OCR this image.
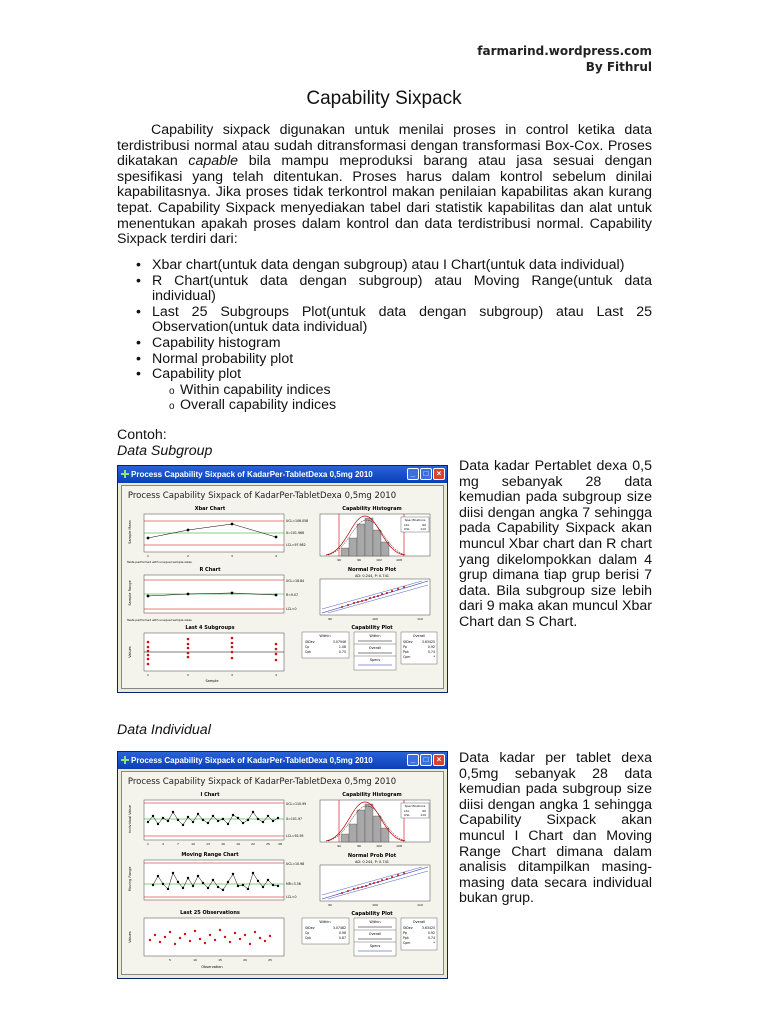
farmarind.wordpress.com
By Fithrul
Capability Sixpack
Capability sixpack digunakan untuk menilai proses in control ketika data terdistribusi normal atau sudah ditransformasi dengan transformasi Box-Cox. Proses dikatakan capable bila mampu meproduksi barang atau jasa sesuai dengan spesifikasi yang telah ditentukan. Proses harus dalam kontrol sebelum dinilai kapabilitasnya. Jika proses tidak terkontrol makan penilaian kapabilitas akan kurang tepat. Capability Sixpack menyediakan tabel dari statistik kapabilitas dan alat untuk menentukan apakah proses dalam kontrol dan data terdistribusi normal. Capability Sixpack terdiri dari:
• Xbar chart(untuk data dengan subgroup) atau I Chart(untuk data individual)
• R Chart(untuk data dengan subgroup) atau Moving Range(untuk data individual)
• Last 25 Subgroups Plot(untuk data dengan subgroup) atau Last 25 Observation(untuk data individual)
• Capability histogram
• Normal probability plot
• Capability plot
o Within capability indices
o Overall capability indices
Contoh:
Data Subgroup
Data kadar Pertablet dexa 0,5 mg sebanyak 28 data kemudian pada subgroup size diisi dengan angka 7 sehingga pada Capability Sixpack akan muncul Xbar chart dan R chart yang dikelompokkan dalam 4 grup dimana tiap grup berisi 7 data. Bila subgroup size lebih dari 9 maka akan muncul Xbar Chart dan S Chart.
Data Individual
Data kadar per tablet dexa 0,5mg sebanyak 28 data kemudian pada subgroup size diisi dengan angka 1 sehingga Capability Sixpack akan muncul I Chart dan Moving Range Chart dimana dalam analisis ditampilkan masing-masing data secara individual bukan grup.
Process Capability Sixpack of KadarPer-TabletDexa 0,5mg 2010	_	□	×
Process Capability Sixpack of KadarPer-TabletDexa 0,5mg 2010
Xbar Chart
Sample Mean	UCL=106.058
X=101.966
LCL=97.982
1	2	3	4
Tests performed with unequal sample sizes
R Chart
Sample Range	UCL=18.84
R=9.07
LCL=0
Tests performed with unequal sample sizes
Last 4 Subgroups
Values
1	2	3	4
Sample
Capability Histogram
Specifications
LSL	90
USL	110
90	96	102	108
Normal Prob Plot
AD: 0.244, P: 0.741
90	100	110
Capability Plot
Within
StDev	3.07946
Cp	1.08
Cpk	0.75
Within
Overall
Specs
Overall
StDev	3.63425
Pp	0.92
Ppk	0.74
Cpm	*
Process Capability Sixpack of KadarPer-TabletDexa 0,5mg 2010	_	□	×
Process Capability Sixpack of KadarPer-TabletDexa 0,5mg 2010
I Chart
Individual Value
UCL=110.99
X=101.97
LCL=92.95
1	4	7	10	13	16	19	22	25	28
Moving Range Chart
Moving Range
UCL=10.98
MR=3.36
LCL=0
Last 25 Observations
Values
5	10	15	20	25
Observation
Capability Histogram
Specifications
LSL	90
USL	110
90	96	102	108
Normal Prob Plot
AD: 0.244, P: 0.741
90	100	110
Capability Plot
Within
StDev	3.07482
Cp	0.98
Cpk	0.87
Within
Overall
Specs
Overall
StDev	3.63425
Pp	0.92
Ppk	0.74
Cpm	*
